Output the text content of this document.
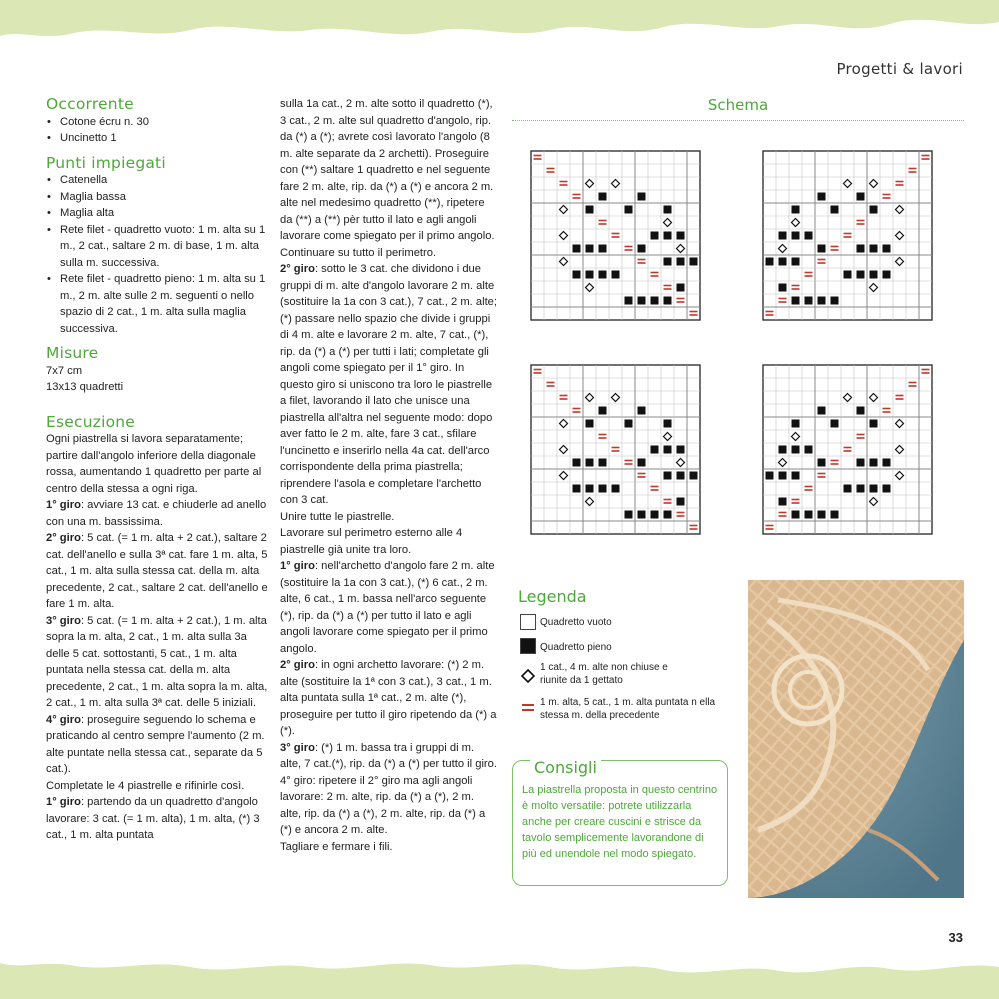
Progetti & lavori
Occorrente
• Cotone écru n. 30
• Uncinetto 1
Punti impiegati
• Catenella
• Maglia bassa
• Maglia alta
• Rete filet - quadretto vuoto: 1 m. alta su 1 m., 2 cat., saltare 2 m. di base, 1 m. alta sulla m. successiva.
• Rete filet - quadretto pieno: 1 m. alta su 1 m., 2 m. alte sulle 2 m. seguenti o nello spazio di 2 cat., 1 m. alta sulla maglia successiva.
Misure

7x7 cm

13x13 quadretti

Esecuzione

Ogni piastrella si lavora separatamente; partire dall'angolo inferiore della diagonale rossa, aumentando 1 quadretto per parte al centro della stessa a ogni riga.

1° giro: avviare 13 cat. e chiuderle ad anello con una m. bassissima.

2° giro: 5 cat. (= 1 m. alta + 2 cat.), saltare 2 cat. dell'anello e sulla 3ª cat. fare 1 m. alta, 5 cat., 1 m. alta sulla stessa cat. della m. alta precedente, 2 cat., saltare 2 cat. dell'anello e fare 1 m. alta.

3° giro: 5 cat. (= 1 m. alta + 2 cat.), 1 m. alta sopra la m. alta, 2 cat., 1 m. alta sulla 3a delle 5 cat. sottostanti, 5 cat., 1 m. alta puntata nella stessa cat. della m. alta precedente, 2 cat., 1 m. alta sopra la m. alta, 2 cat., 1 m. alta sulla 3ª cat. delle 5 iniziali.

4° giro: proseguire seguendo lo schema e praticando al centro sempre l'aumento (2 m. alte puntate nella stessa cat., separate da 5 cat.).

Completate le 4 piastrelle e rifinirle così.

1° giro: partendo da un quadretto d'angolo lavorare: 3 cat. (= 1 m. alta), 1 m. alta, (*) 3 cat., 1 m. alta puntata

sulla 1a cat., 2 m. alte sotto il quadretto (*), 3 cat., 2 m. alte sul quadretto d'angolo, rip. da (*) a (*); avrete così lavorato l'angolo (8 m. alte separate da 2 archetti). Proseguire con (**) saltare 1 quadretto e nel seguente fare 2 m. alte, rip. da (*) a (*) e ancora 2 m. alte nel medesimo quadretto (**), ripetere da (**) a (**) pèr tutto il lato e agli angoli lavorare come spiegato per il primo angolo. Continuare su tutto il perimetro.

2° giro: sotto le 3 cat. che dividono i due gruppi di m. alte d'angolo lavorare 2 m. alte (sostituire la 1a con 3 cat.), 7 cat., 2 m. alte; (*) passare nello spazio che divide i gruppi di 4 m. alte e lavorare 2 m. alte, 7 cat., (*), rip. da (*) a (*) per tutti i lati; completate gli angoli come spiegato per il 1° giro. In questo giro si uniscono tra loro le piastrelle a filet, lavorando il lato che unisce una piastrella all'altra nel seguente modo: dopo aver fatto le 2 m. alte, fare 3 cat., sfilare l'uncinetto e inserirlo nella 4a cat. dell'arco corrispondente della prima piastrella; riprendere l'asola e completare l'archetto con 3 cat.

Unire tutte le piastrelle.

Lavorare sul perimetro esterno alle 4 piastrelle già unite tra loro.

1° giro: nell'archetto d'angolo fare 2 m. alte (sostituire la 1a con 3 cat.), (*) 6 cat., 2 m. alte, 6 cat., 1 m. bassa nell'arco seguente (*), rip. da (*) a (*) per tutto il lato e agli angoli lavorare come spiegato per il primo angolo.

2° giro: in ogni archetto lavorare: (*) 2 m. alte (sostituire la 1ª con 3 cat.), 3 cat., 1 m. alta puntata sulla 1ª cat., 2 m. alte (*), proseguire per tutto il giro ripetendo da (*) a (*).

3° giro: (*) 1 m. bassa tra i gruppi di m. alte, 7 cat.(*), rip. da (*) a (*) per tutto il giro. 4° giro: ripetere il 2° giro ma agli angoli lavorare: 2 m. alte, rip. da (*) a (*), 2 m. alte, rip. da (*) a (*), 2 m. alte, rip. da (*) a (*) e ancora 2 m. alte.

Tagliare e fermare i fili.

Schema
Legenda
Quadretto vuoto
Quadretto pieno
1 cat., 4 m. alte non chiuse e riunite da 1 gettato
1 m. alta, 5 cat., 1 m. alta puntata n ella stessa m. della precedente
Consigli
La piastrella proposta in questo centrino è molto versatile: potrete utilizzarla anche per creare cuscini e strisce da tavolo semplicemente lavorandone di più ed unendole nel modo spiegato.
33
